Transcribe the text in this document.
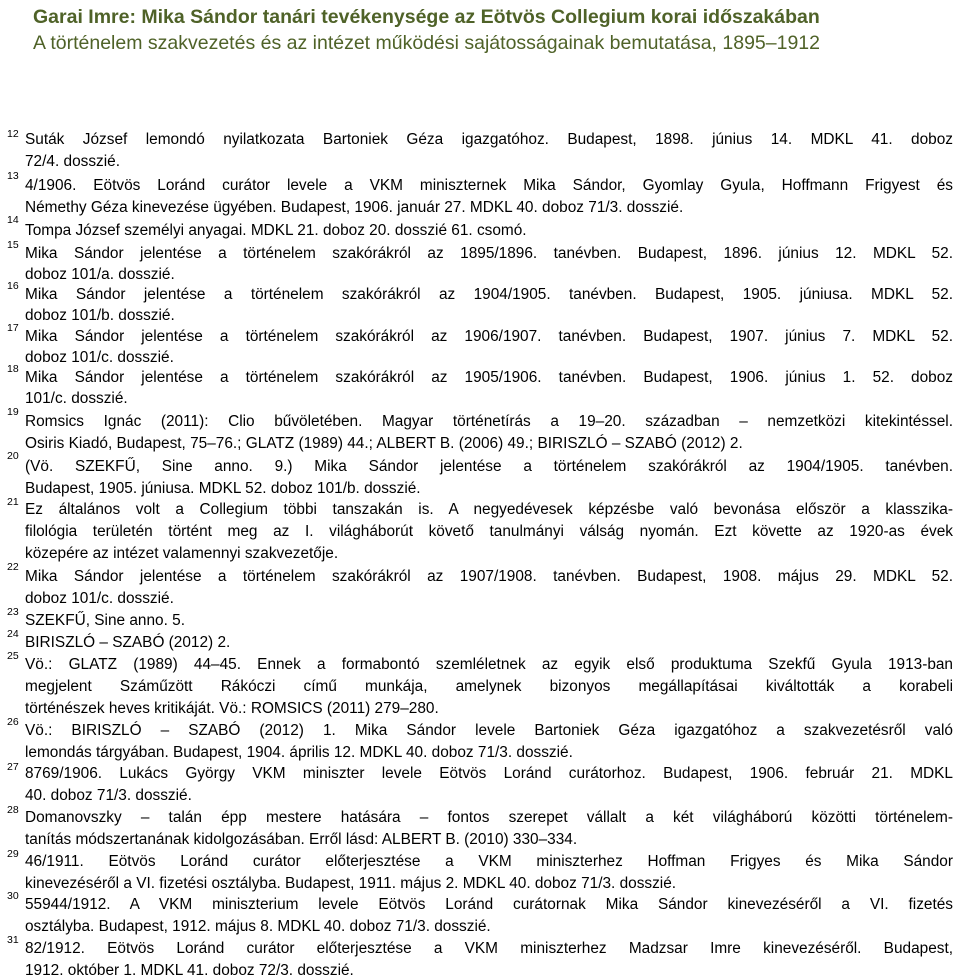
Garai Imre: Mika Sándor tanári tevékenysége az Eötvös Collegium korai időszakában
A történelem szakvezetés és az intézet működési sajátosságainak bemutatása, 1895–1912
12 Suták József lemondó nyilatkozata Bartoniek Géza igazgatóhoz. Budapest, 1898. június 14. MDKL 41. doboz
72/4. dosszié.
13
4/1906. Eötvös Loránd curátor levele a VKM miniszternek Mika Sándor, Gyomlay Gyula, Hoffmann Frigyest és
Némethy Géza kinevezése ügyében. Budapest, 1906. január 27. MDKL 40. doboz 71/3. dosszié.
14
Tompa József személyi anyagai. MDKL 21. doboz 20. dosszié 61. csomó.
15 Mika Sándor jelentése a történelem szakórákról az 1895/1896. tanévben. Budapest, 1896. június 12. MDKL 52.
doboz 101/a. dosszié.
16 Mika Sándor jelentése a történelem szakórákról az 1904/1905. tanévben. Budapest, 1905. júniusa. MDKL 52.
doboz 101/b. dosszié.
17 Mika Sándor jelentése a történelem szakórákról az 1906/1907. tanévben. Budapest, 1907. június 7. MDKL 52.
doboz 101/c. dosszié.
18 Mika Sándor jelentése a történelem szakórákról az 1905/1906. tanévben. Budapest, 1906. június 1. 52. doboz
101/c. dosszié.
19
Romsics Ignác (2011): Clio bűvöletében. Magyar történetírás a 19–20. században – nemzetközi kitekintéssel.
Osiris Kiadó, Budapest, 75–76.; GLATZ (1989) 44.; ALBERT B. (2006) 49.; BIRISZLÓ – SZABÓ (2012) 2.
20
(Vö. SZEKFŰ, Sine anno. 9.) Mika Sándor jelentése a történelem szakórákról az 1904/1905. tanévben.
Budapest, 1905. júniusa. MDKL 52. doboz 101/b. dosszié.
21 Ez általános volt a Collegium többi tanszakán is. A negyedévesek képzésbe való bevonása először a klasszika-
filológia területén történt meg az I. világháborút követő tanulmányi válság nyomán. Ezt követte az 1920-as évek
közepére az intézet valamennyi szakvezetője.
22
Mika Sándor jelentése a történelem szakórákról az 1907/1908. tanévben. Budapest, 1908. május 29. MDKL 52.
doboz 101/c. dosszié.
23 SZEKFŰ, Sine anno. 5.
24 BIRISZLÓ – SZABÓ (2012) 2.
25 Vö.: GLATZ (1989) 44–45. Ennek a formabontó szemléletnek az egyik első produktuma Szekfű Gyula 1913-ban
megjelent Száműzött Rákóczi című munkája, amelynek bizonyos megállapításai kiváltották a korabeli
történészek heves kritikáját. Vö.: ROMSICS (2011) 279–280.
26 Vö.: BIRISZLÓ – SZABÓ (2012) 1. Mika Sándor levele Bartoniek Géza igazgatóhoz a szakvezetésről való
lemondás tárgyában. Budapest, 1904. április 12. MDKL 40. doboz 71/3. dosszié.
27 8769/1906. Lukács György VKM miniszter levele Eötvös Loránd curátorhoz. Budapest, 1906. február 21. MDKL
40. doboz 71/3. dosszié.
28 Domanovszky – talán épp mestere hatására – fontos szerepet vállalt a két világháború közötti történelem-
tanítás módszertanának kidolgozásában. Erről lásd: ALBERT B. (2010) 330–334.
29 46/1911. Eötvös Loránd curátor előterjesztése a VKM miniszterhez Hoffman Frigyes és Mika Sándor
kinevezéséről a VI. fizetési osztályba. Budapest, 1911. május 2. MDKL 40. doboz 71/3. dosszié.
30 55944/1912. A VKM miniszterium levele Eötvös Loránd curátornak Mika Sándor kinevezéséről a VI. fizetés
osztályba. Budapest, 1912. május 8. MDKL 40. doboz 71/3. dosszié.
31 82/1912. Eötvös Loránd curátor előterjesztése a VKM miniszterhez Madzsar Imre kinevezéséről. Budapest,
1912. október 1. MDKL 41. doboz 72/3. dosszié.
